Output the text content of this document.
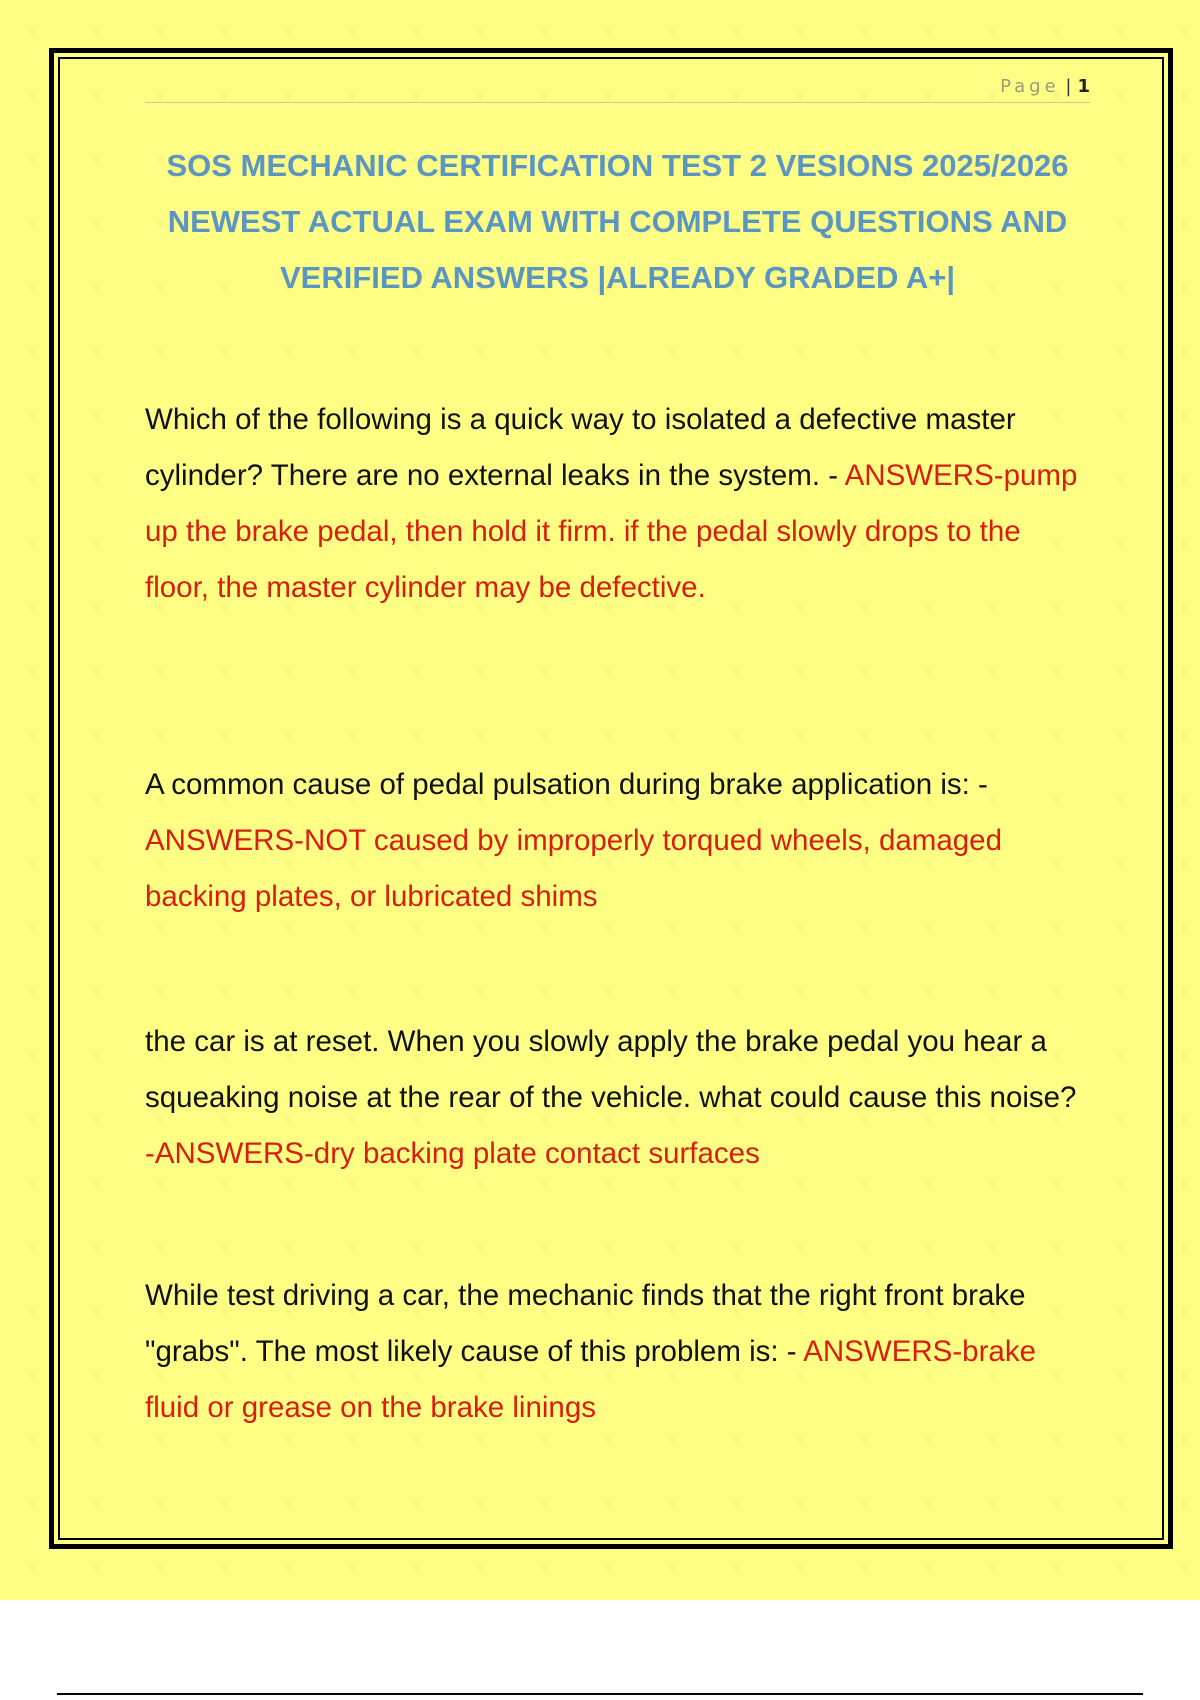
Page | 1
SOS MECHANIC CERTIFICATION TEST 2 VESIONS 2025/2026
NEWEST ACTUAL EXAM WITH COMPLETE QUESTIONS AND
VERIFIED ANSWERS |ALREADY GRADED A+|
Which of the following is a quick way to isolated a defective master cylinder? There are no external leaks in the system. - ANSWERS-pump up the brake pedal, then hold it firm. if the pedal slowly drops to the floor, the master cylinder may be defective.
A common cause of pedal pulsation during brake application is: - ANSWERS-NOT caused by improperly torqued wheels, damaged backing plates, or lubricated shims
the car is at reset. When you slowly apply the brake pedal you hear a squeaking noise at the rear of the vehicle. what could cause this noise? -ANSWERS-dry backing plate contact surfaces
While test driving a car, the mechanic finds that the right front brake "grabs". The most likely cause of this problem is: - ANSWERS-brake fluid or grease on the brake linings
